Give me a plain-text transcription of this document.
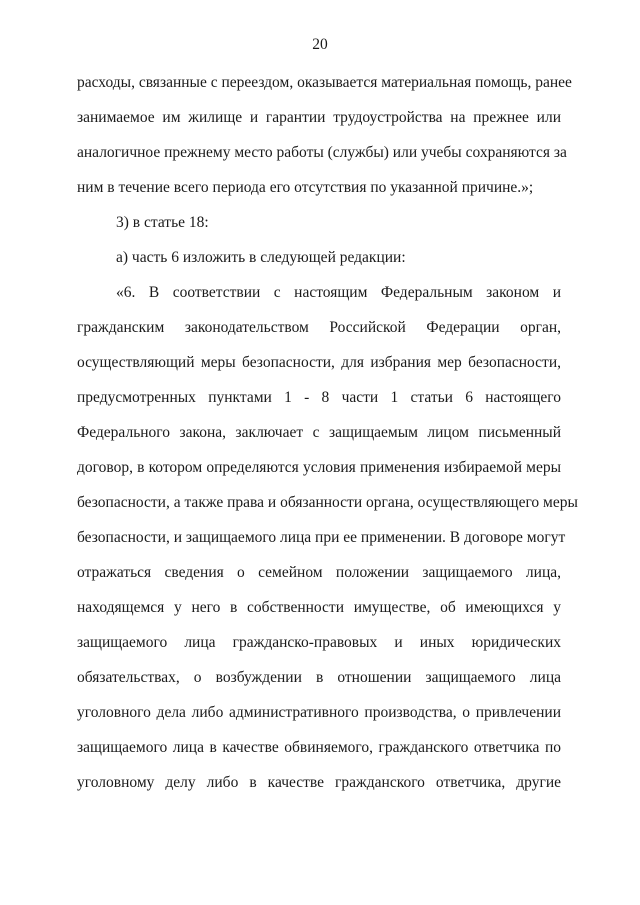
20
расходы, связанные с переездом, оказывается материальная помощь, ранее
занимаемое им жилище и гарантии трудоустройства на прежнее или
аналогичное прежнему место работы (службы) или учебы сохраняются за
ним в течение всего периода его отсутствия по указанной причине.»;
3) в статье 18:
а) часть 6 изложить в следующей редакции:
«6. В соответствии с настоящим Федеральным законом и
гражданским законодательством Российской Федерации орган,
осуществляющий меры безопасности, для избрания мер безопасности,
предусмотренных пунктами 1 - 8 части 1 статьи 6 настоящего
Федерального закона, заключает с защищаемым лицом письменный
договор, в котором определяются условия применения избираемой меры
безопасности, а также права и обязанности органа, осуществляющего меры
безопасности, и защищаемого лица при ее применении. В договоре могут
отражаться сведения о семейном положении защищаемого лица,
находящемся у него в собственности имуществе, об имеющихся у
защищаемого лица гражданско-правовых и иных юридических
обязательствах, о возбуждении в отношении защищаемого лица
уголовного дела либо административного производства, о привлечении
защищаемого лица в качестве обвиняемого, гражданского ответчика по
уголовному делу либо в качестве гражданского ответчика, другие
